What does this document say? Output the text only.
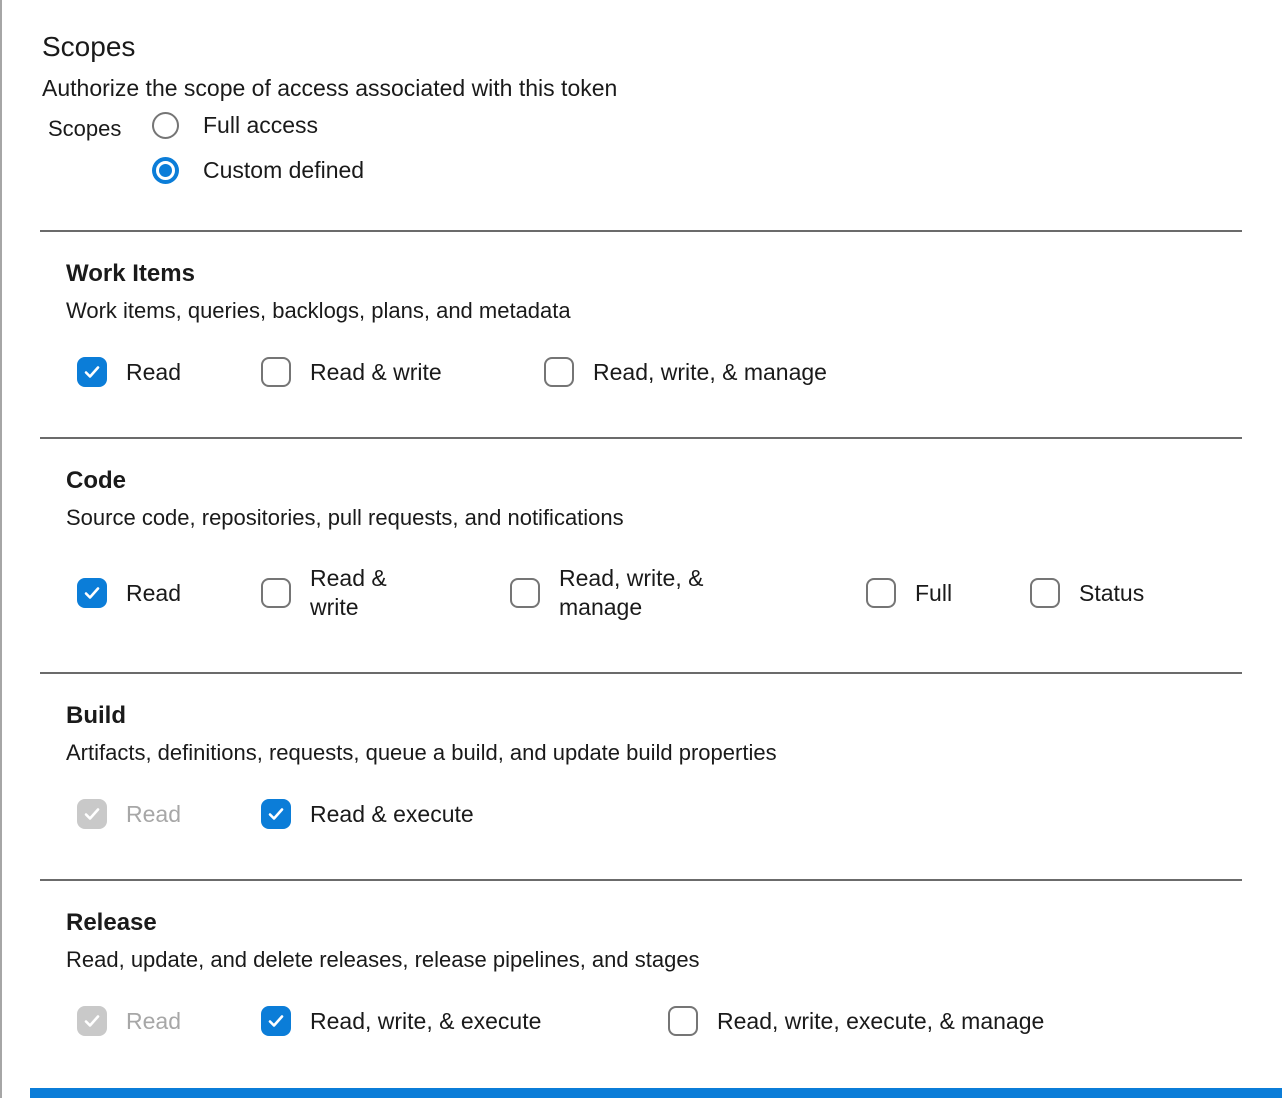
Scopes

Authorize the scope of access associated with this token

Scopes	Full access
Custom defined
Work Items

Work items, queries, backlogs, plans, and metadata

Read	Read & write	Read, write, & manage
Code

Source code, repositories, pull requests, and notifications

Read
Read & write
Read, write, & manage
Full	Status
Build

Artifacts, definitions, requests, queue a build, and update build properties

Read	Read & execute
Release

Read, update, and delete releases, release pipelines, and stages

Read	Read, write, & execute	Read, write, execute, & manage
